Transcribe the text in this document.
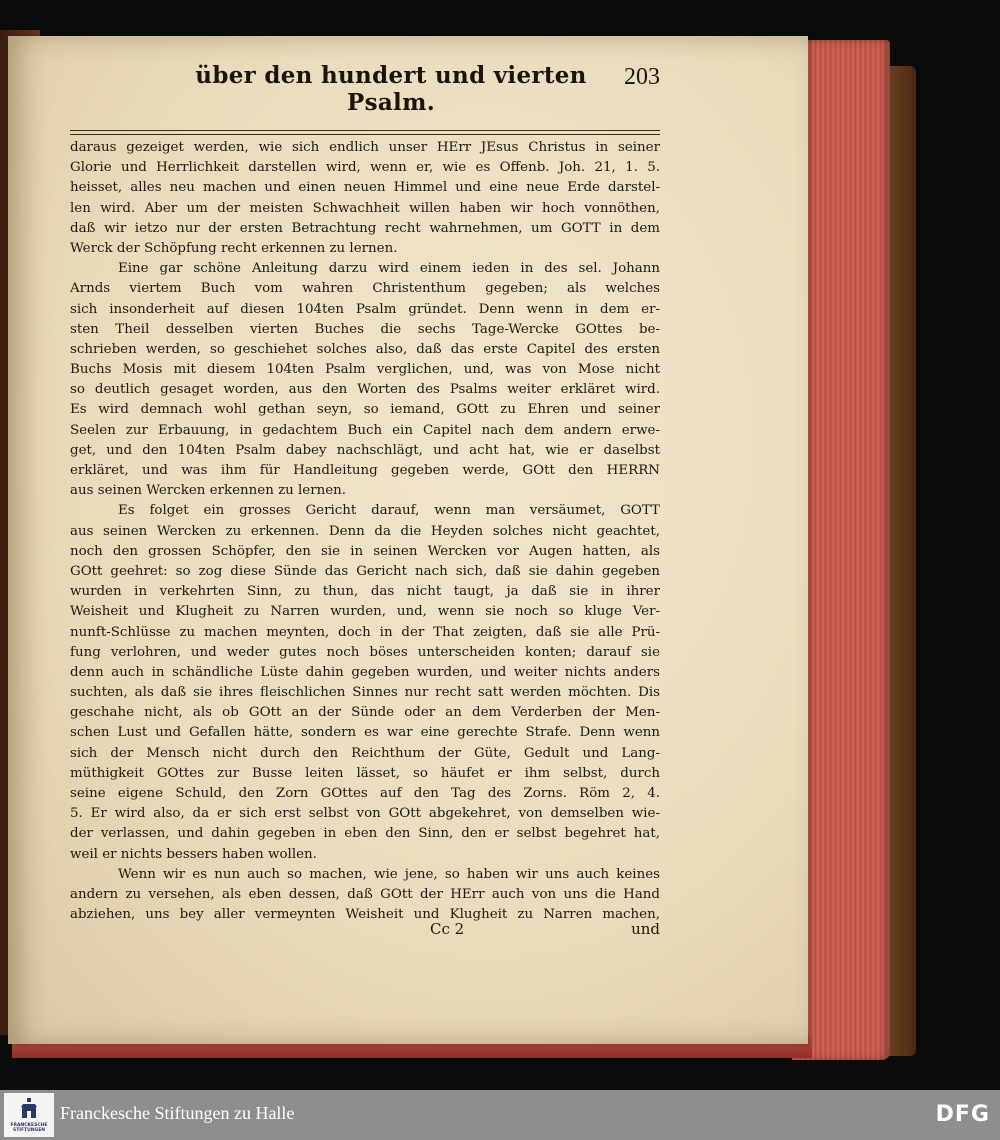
über den hundert und vierten Psalm.
203
daraus gezeiget werden, wie sich endlich unser HErr JEsus Christus in seiner
Glorie und Herrlichkeit darstellen wird, wenn er, wie es Offenb. Joh. 21, 1. 5.
heisset, alles neu machen und einen neuen Himmel und eine neue Erde darstel-
len wird. Aber um der meisten Schwachheit willen haben wir hoch vonnöthen,
daß wir ietzo nur der ersten Betrachtung recht wahrnehmen, um GOTT in dem
Werck der Schöpfung recht erkennen zu lernen.
Eine gar schöne Anleitung darzu wird einem ieden in des sel. Johann
Arnds viertem Buch vom wahren Christenthum gegeben; als welches
sich insonderheit auf diesen 104ten Psalm gründet. Denn wenn in dem er-
sten Theil desselben vierten Buches die sechs Tage-Wercke GOttes be-
schrieben werden, so geschiehet solches also, daß das erste Capitel des ersten
Buchs Mosis mit diesem 104ten Psalm verglichen, und, was von Mose nicht
so deutlich gesaget worden, aus den Worten des Psalms weiter erkläret wird.
Es wird demnach wohl gethan seyn, so iemand, GOtt zu Ehren und seiner
Seelen zur Erbauung, in gedachtem Buch ein Capitel nach dem andern erwe-
get, und den 104ten Psalm dabey nachschlägt, und acht hat, wie er daselbst
erkläret, und was ihm für Handleitung gegeben werde, GOtt den HERRN
aus seinen Wercken erkennen zu lernen.
Es folget ein grosses Gericht darauf, wenn man versäumet, GOTT
aus seinen Wercken zu erkennen. Denn da die Heyden solches nicht geachtet,
noch den grossen Schöpfer, den sie in seinen Wercken vor Augen hatten, als
GOtt geehret: so zog diese Sünde das Gericht nach sich, daß sie dahin gegeben
wurden in verkehrten Sinn, zu thun, das nicht taugt, ja daß sie in ihrer
Weisheit und Klugheit zu Narren wurden, und, wenn sie noch so kluge Ver-
nunft-Schlüsse zu machen meynten, doch in der That zeigten, daß sie alle Prü-
fung verlohren, und weder gutes noch böses unterscheiden konten; darauf sie
denn auch in schändliche Lüste dahin gegeben wurden, und weiter nichts anders
suchten, als daß sie ihres fleischlichen Sinnes nur recht satt werden möchten. Dis
geschahe nicht, als ob GOtt an der Sünde oder an dem Verderben der Men-
schen Lust und Gefallen hätte, sondern es war eine gerechte Strafe. Denn wenn
sich der Mensch nicht durch den Reichthum der Güte, Gedult und Lang-
müthigkeit GOttes zur Busse leiten lässet, so häufet er ihm selbst, durch
seine eigene Schuld, den Zorn GOttes auf den Tag des Zorns. Röm 2, 4.
5. Er wird also, da er sich erst selbst von GOtt abgekehret, von demselben wie-
der verlassen, und dahin gegeben in eben den Sinn, den er selbst begehret hat,
weil er nichts bessers haben wollen.
Wenn wir es nun auch so machen, wie jene, so haben wir uns auch keines
andern zu versehen, als eben dessen, daß GOtt der HErr auch von uns die Hand
abziehen, uns bey aller vermeynten Weisheit und Klugheit zu Narren machen,
Cc 2	und
FRANCKESCHE STIFTUNGEN
Franckesche Stiftungen zu Halle	DFG
